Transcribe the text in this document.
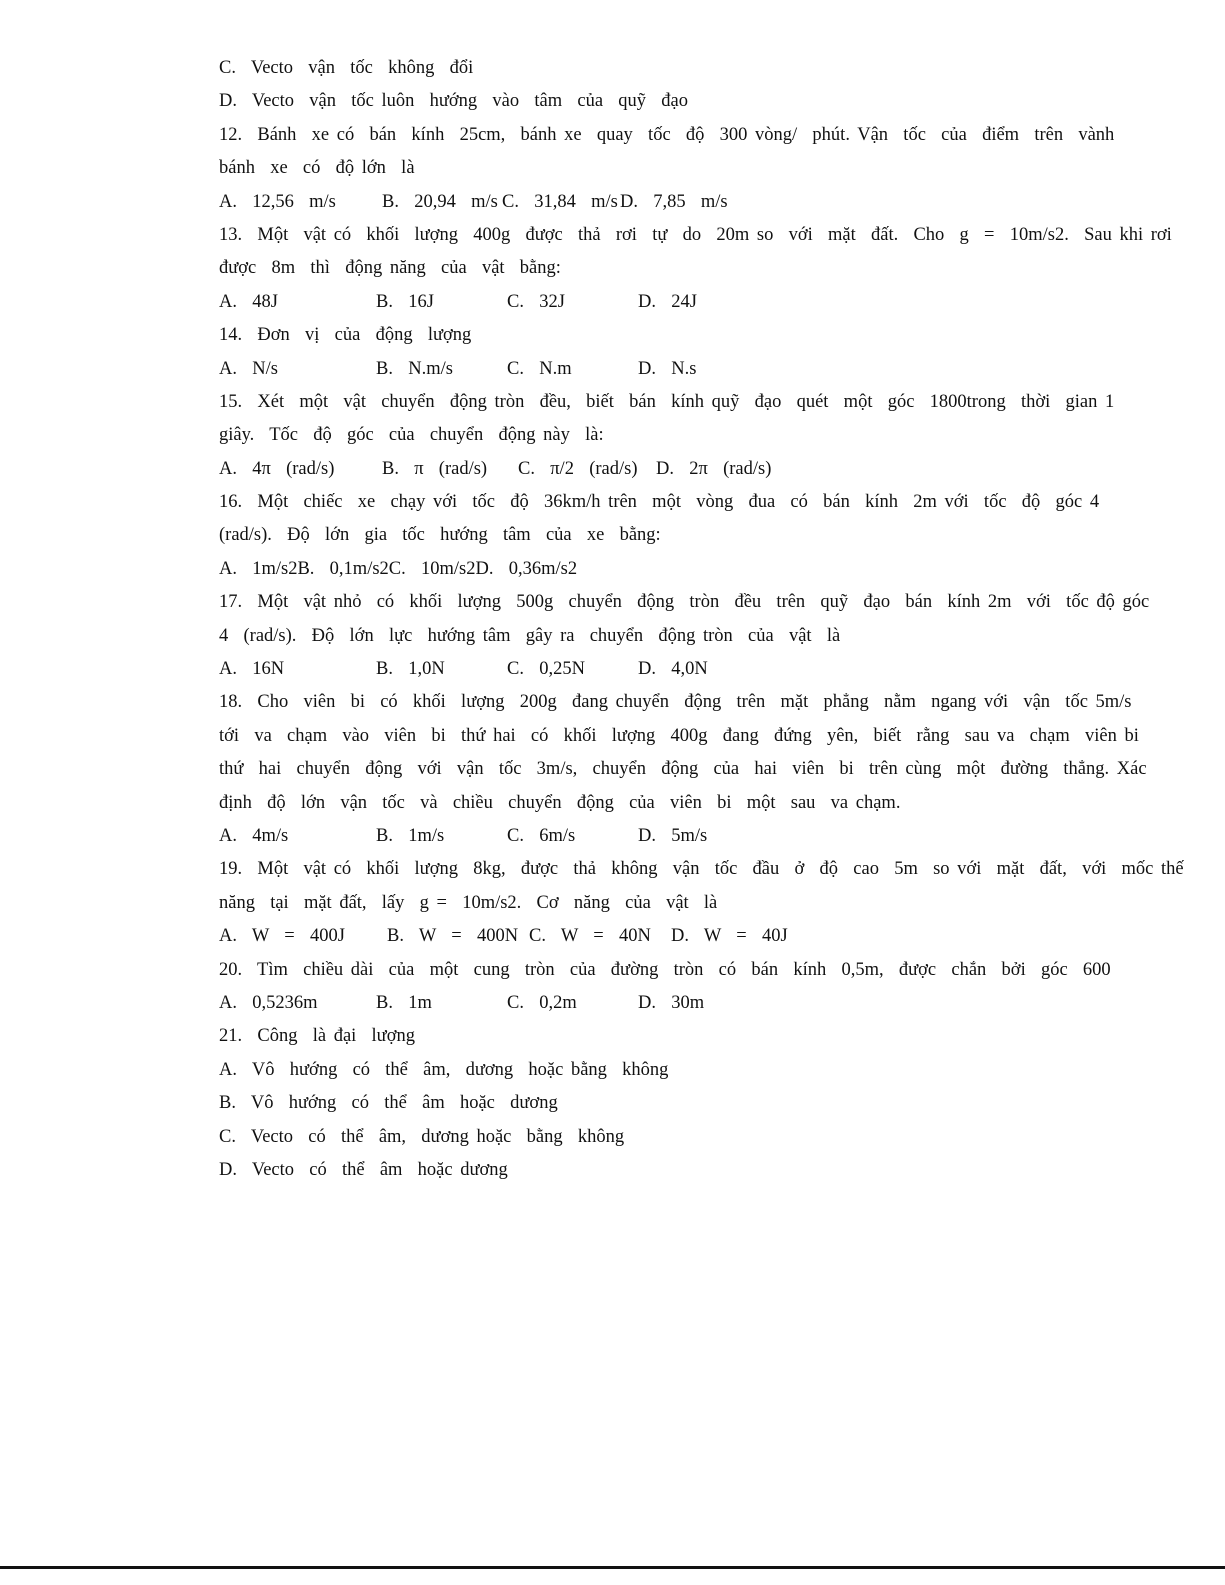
C.  Vecto  vận  tốc  không  đổi
D.  Vecto  vận  tốc luôn  hướng  vào  tâm  của  quỹ  đạo
12.  Bánh  xe có  bán  kính  25cm,  bánh xe  quay  tốc  độ  300 vòng/  phút. Vận  tốc  của  điểm  trên  vành
bánh  xe  có  độ lớn  là
A.  12,56  m/s	B.  20,94  m/s C.  31,84  m/s D.  7,85  m/s
13.  Một  vật có  khối  lượng  400g  được  thả  rơi  tự  do  20m so  với  mặt  đất.  Cho  g  =  10m/s2.  Sau khi rơi
được  8m  thì  động năng  của  vật  bằng:
A.  48J	B.  16J	C.  32J	D.  24J
14.  Đơn  vị  của  động  lượng
A.  N/s	B.  N.m/s	C.  N.m	D.  N.s
15.  Xét  một  vật  chuyển  động tròn  đều,  biết  bán  kính quỹ  đạo  quét  một  góc  1800trong  thời  gian 1
giây.  Tốc  độ  góc  của  chuyển  động này  là:
A.  4π  (rad/s)	B.  π  (rad/s)	C.  π/2  (rad/s)	D.  2π  (rad/s)
16.  Một  chiếc  xe  chạy với  tốc  độ  36km/h trên  một  vòng  đua  có  bán  kính  2m với  tốc  độ  góc 4
(rad/s).  Độ  lớn  gia  tốc  hướng  tâm  của  xe  bằng:
A.  1m/s2B.  0,1m/s2C.  10m/s2D.  0,36m/s2
17.  Một  vật nhỏ  có  khối  lượng  500g  chuyển  động  tròn  đều  trên  quỹ  đạo  bán  kính 2m  với  tốc độ góc
4  (rad/s).  Độ  lớn  lực  hướng tâm  gây ra  chuyển  động tròn  của  vật  là
A.  16N	B.  1,0N	C.  0,25N	D.  4,0N
18.  Cho  viên  bi  có  khối  lượng  200g  đang chuyển  động  trên  mặt  phẳng  nằm  ngang với  vận  tốc 5m/s
tới  va  chạm  vào  viên  bi  thứ hai  có  khối  lượng  400g  đang  đứng  yên,  biết  rằng  sau va  chạm  viên bi
thứ  hai  chuyển  động  với  vận  tốc  3m/s,  chuyển  động  của  hai  viên  bi  trên cùng  một  đường  thẳng. Xác
định  độ  lớn  vận  tốc  và  chiều  chuyển  động  của  viên  bi  một  sau  va chạm.
A.  4m/s	B.  1m/s	C.  6m/s	D.  5m/s
19.  Một  vật có  khối  lượng  8kg,  được  thả  không  vận  tốc  đầu  ở  độ  cao  5m  so với  mặt  đất,  với  mốc thế
năng  tại  mặt đất,  lấy  g =  10m/s2.  Cơ  năng  của  vật  là
A.  W  =  400J	B.  W  =  400N C.  W  =  40N	D.  W  =  40J
20.  Tìm  chiều dài  của  một  cung  tròn  của  đường  tròn  có  bán  kính  0,5m,  được  chắn  bởi  góc  600
A.  0,5236m	B.  1m	C.  0,2m	D.  30m
21.  Công  là đại  lượng
A.  Vô  hướng  có  thể  âm,  dương  hoặc bằng  không
B.  Vô  hướng  có  thể  âm  hoặc  dương
C.  Vecto  có  thể  âm,  dương hoặc  bằng  không
D.  Vecto  có  thể  âm  hoặc dương
